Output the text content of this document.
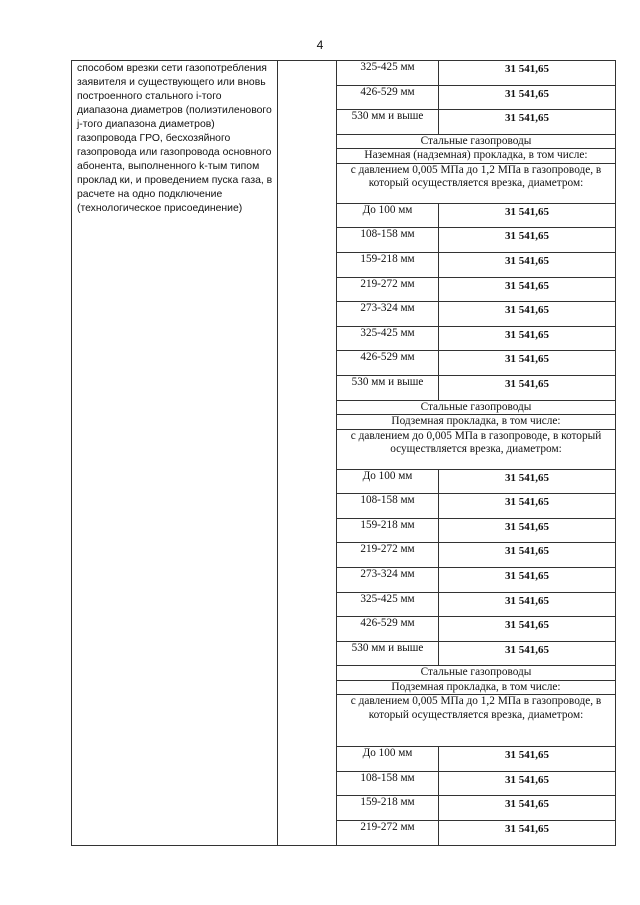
4
способом врезки сети газопотребления заявителя и существующего или вновь построенного стального i-того диапазона диаметров (полиэтиленового j-того диапазона диаметров) газопровода ГРО, бесхозяйного газопровода или газопровода основного абонента, выполненного k-тым типом проклад ки, и проведением пуска газа, в расчете на одно подключение (технологическое присоединение)		325-425 мм	31 541,65
		426-529 мм	31 541,65
		530 мм и выше	31 541,65
		Стальные газопроводы	
		Наземная (надземная) прокладка, в том числе:	
		с давлением 0,005 МПа до 1,2 МПа в газопроводе, в который осуществляется врезка, диаметром:	
		До 100 мм	31 541,65
		108-158 мм	31 541,65
		159-218 мм	31 541,65
		219-272 мм	31 541,65
		273-324 мм	31 541,65
		325-425 мм	31 541,65
		426-529 мм	31 541,65
		530 мм и выше	31 541,65
		Стальные газопроводы	
		Подземная прокладка, в том числе:	
		с давлением до 0,005 МПа в газопроводе, в который осуществляется врезка, диаметром:	
		До 100 мм	31 541,65
		108-158 мм	31 541,65
		159-218 мм	31 541,65
		219-272 мм	31 541,65
		273-324 мм	31 541,65
		325-425 мм	31 541,65
		426-529 мм	31 541,65
		530 мм и выше	31 541,65
		Стальные газопроводы	
		Подземная прокладка, в том числе:	
		с давлением 0,005 МПа до 1,2 МПа в газопроводе, в который осуществляется врезка, диаметром:	
		До 100 мм	31 541,65
		108-158 мм	31 541,65
		159-218 мм	31 541,65
		219-272 мм	31 541,65
